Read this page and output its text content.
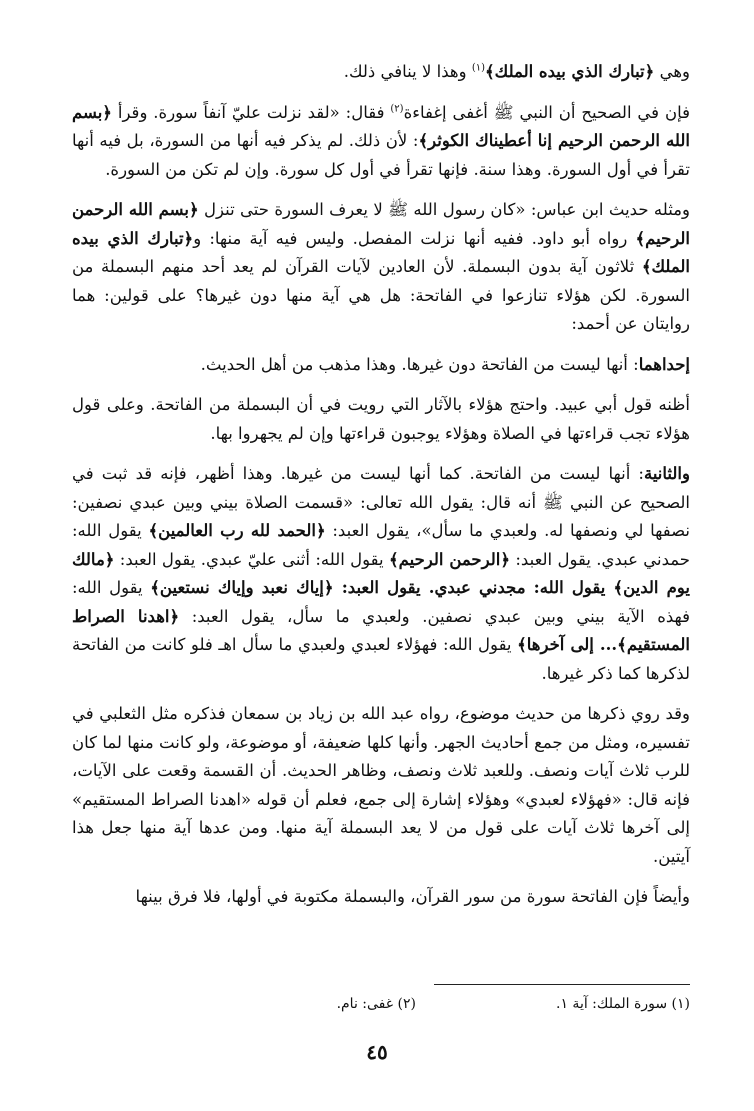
وهي ﴿تبارك الذي بيده الملك﴾$^{(١)}$ وهذا لا ينافي ذلك.

فإن في الصحيح أن النبي ﷺ أغفى إغفاءة$^{(٢)}$ فقال: «لقد نزلت عليّ آنفاً سورة. وقرأ ﴿بسم الله الرحمن الرحيم إنا أعطيناك الكوثر﴾: لأن ذلك. لم يذكر فيه أنها من السورة، بل فيه أنها تقرأ في أول السورة. وهذا سنة. فإنها تقرأ في أول كل سورة. وإن لم تكن من السورة.

ومثله حديث ابن عباس: «كان رسول الله ﷺ لا يعرف السورة حتى تنزل ﴿بسم الله الرحمن الرحيم﴾ رواه أبو داود. ففيه أنها نزلت المفصل. وليس فيه آية منها: و﴿تبارك الذي بيده الملك﴾ ثلاثون آية بدون البسملة. لأن العادين لآيات القرآن لم يعد أحد منهم البسملة من السورة. لكن هؤلاء تنازعوا في الفاتحة: هل هي آية منها دون غيرها؟ على قولين: هما روايتان عن أحمد:

إحداهما: أنها ليست من الفاتحة دون غيرها. وهذا مذهب من أهل الحديث.

أظنه قول أبي عبيد. واحتج هؤلاء بالآثار التي رويت في أن البسملة من الفاتحة. وعلى قول هؤلاء تجب قراءتها في الصلاة وهؤلاء يوجبون قراءتها وإن لم يجهروا بها.

والثانية: أنها ليست من الفاتحة. كما أنها ليست من غيرها. وهذا أظهر، فإنه قد ثبت في الصحيح عن النبي ﷺ أنه قال: يقول الله تعالى: «قسمت الصلاة بيني وبين عبدي نصفين: نصفها لي ونصفها له. ولعبدي ما سأل»، يقول العبد: ﴿الحمد لله رب العالمين﴾ يقول الله: حمدني عبدي. يقول العبد: ﴿الرحمن الرحيم﴾ يقول الله: أثنى عليّ عبدي. يقول العبد: ﴿مالك يوم الدين﴾ يقول الله: مجدني عبدي. يقول العبد: ﴿إياك نعبد وإياك نستعين﴾ يقول الله: فهذه الآية بيني وبين عبدي نصفين. ولعبدي ما سأل، يقول العبد: ﴿اهدنا الصراط المستقيم﴾... إلى آخرها﴾ يقول الله: فهؤلاء لعبدي ولعبدي ما سأل اهـ فلو كانت من الفاتحة لذكرها كما ذكر غيرها.

وقد روي ذكرها من حديث موضوع، رواه عبد الله بن زياد بن سمعان فذكره مثل الثعلبي في تفسيره، ومثل من جمع أحاديث الجهر. وأنها كلها ضعيفة، أو موضوعة، ولو كانت منها لما كان للرب ثلاث آيات ونصف. وللعبد ثلاث ونصف، وظاهر الحديث. أن القسمة وقعت على الآيات، فإنه قال: «فهؤلاء لعبدي» وهؤلاء إشارة إلى جمع، فعلم أن قوله «اهدنا الصراط المستقيم» إلى آخرها ثلاث آيات على قول من لا يعد البسملة آية منها. ومن عدها آية منها جعل هذا آيتين.

وأيضاً فإن الفاتحة سورة من سور القرآن، والبسملة مكتوبة في أولها، فلا فرق بينها

(١) سورة الملك: آية ١.
(٢) غفى: نام.
٤٥
